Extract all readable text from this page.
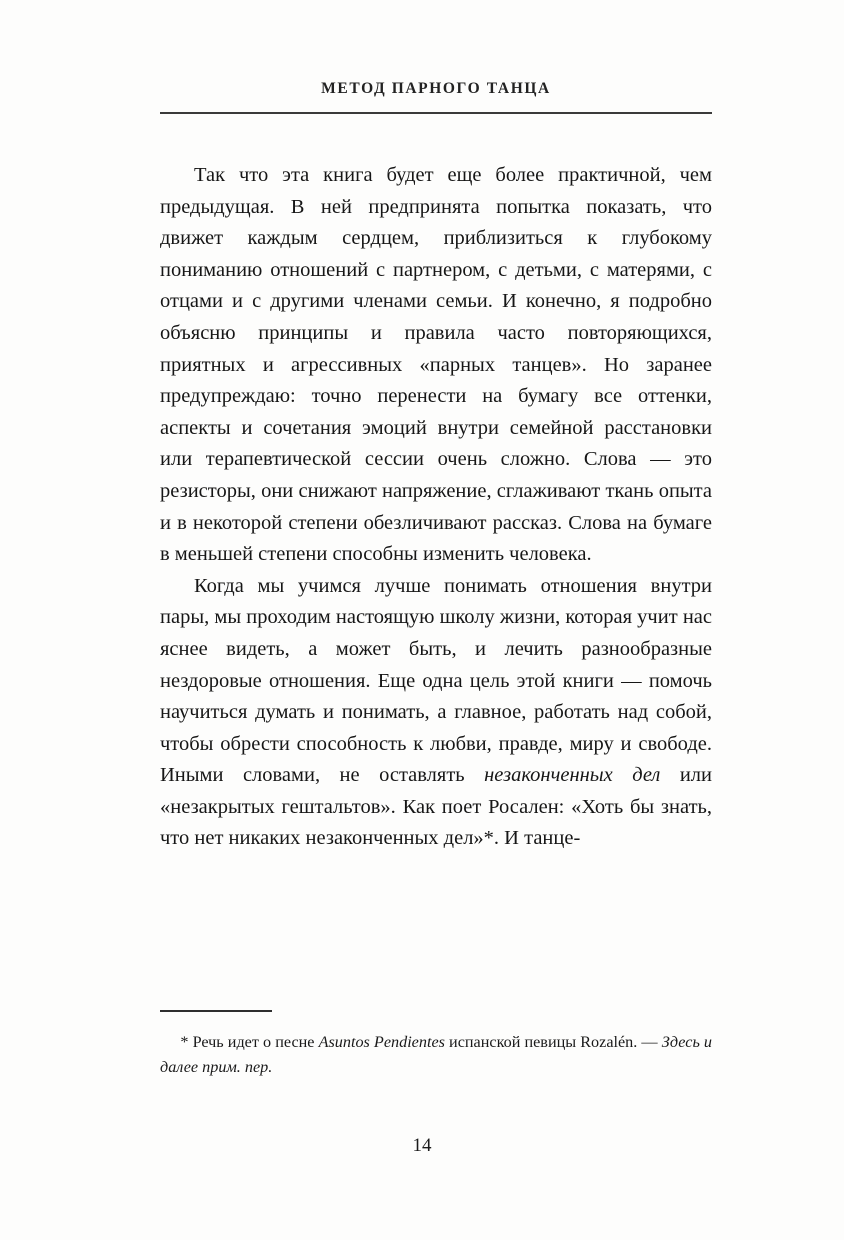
МЕТОД ПАРНОГО ТАНЦА

Так что эта книга будет еще более практичной, чем предыдущая. В ней предпринята попытка показать, что движет каждым сердцем, приблизиться к глубокому пониманию отношений с партнером, с детьми, с матерями, с отцами и с другими членами семьи. И конечно, я подробно объясню принципы и правила часто повторяющихся, приятных и агрессивных «парных танцев». Но заранее предупреждаю: точно перенести на бумагу все оттенки, аспекты и сочетания эмоций внутри семейной расстановки или терапевтической сессии очень сложно. Слова — это резисторы, они снижают напряжение, сглаживают ткань опыта и в некоторой степени обезличивают рассказ. Слова на бумаге в меньшей степени способны изменить человека.

Когда мы учимся лучше понимать отношения внутри пары, мы проходим настоящую школу жизни, которая учит нас яснее видеть, а может быть, и лечить разнообразные нездоровые отношения. Еще одна цель этой книги — помочь научиться думать и понимать, а главное, работать над собой, чтобы обрести способность к любви, правде, миру и свободе. Иными словами, не оставлять незаконченных дел или «незакрытых гештальтов». Как поет Росален: «Хоть бы знать, что нет никаких незаконченных дел»*. И танце-

* Речь идет о песне Asuntos Pendientes испанской певицы Rozalén. — Здесь и далее прим. пер.

14
